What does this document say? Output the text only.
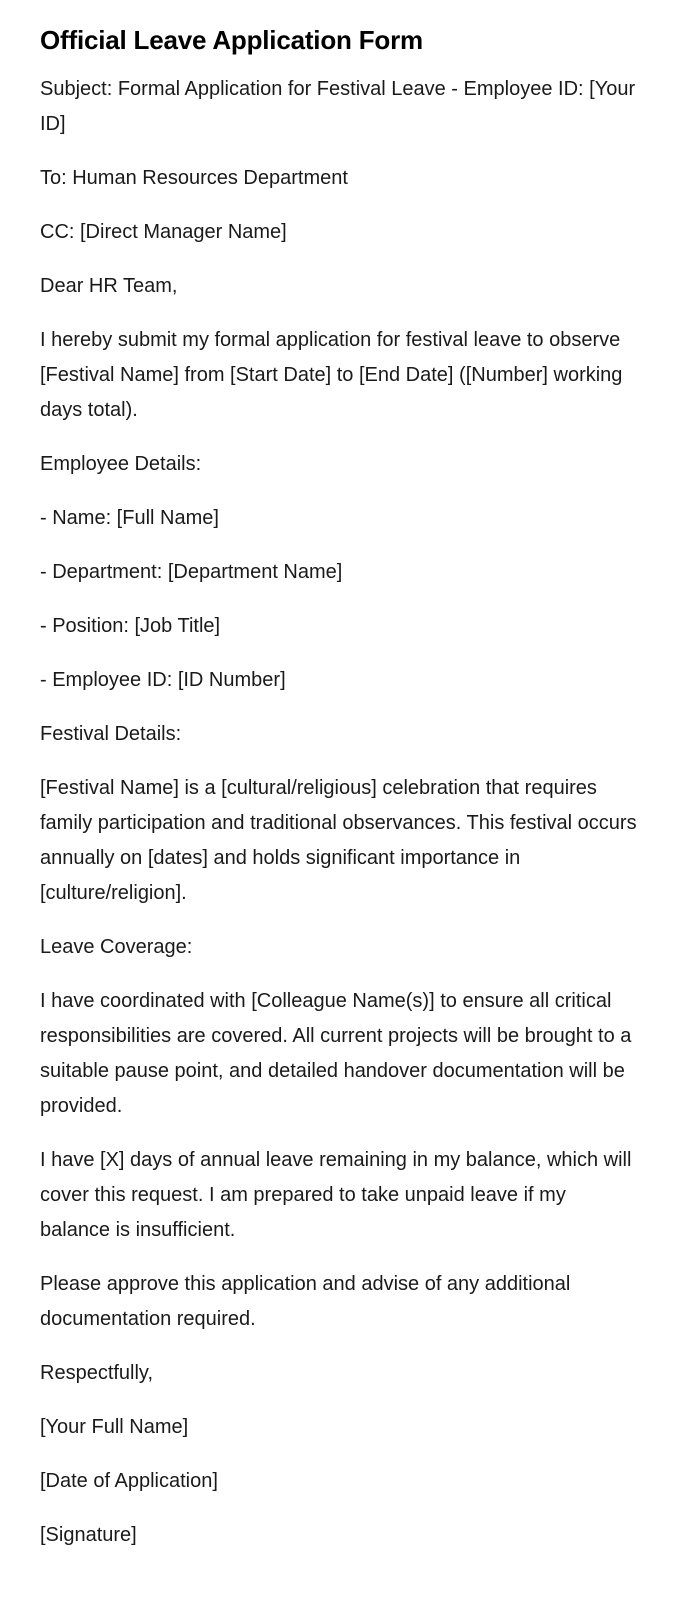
Official Leave Application Form

Subject: Formal Application for Festival Leave - Employee ID: [Your ID]

To: Human Resources Department

CC: [Direct Manager Name]

Dear HR Team,

I hereby submit my formal application for festival leave to observe [Festival Name] from [Start Date] to [End Date] ([Number] working days total).

Employee Details:

- Name: [Full Name]

- Department: [Department Name]

- Position: [Job Title]

- Employee ID: [ID Number]

Festival Details:

[Festival Name] is a [cultural/religious] celebration that requires family participation and traditional observances. This festival occurs annually on [dates] and holds significant importance in [culture/religion].

Leave Coverage:

I have coordinated with [Colleague Name(s)] to ensure all critical responsibilities are covered. All current projects will be brought to a suitable pause point, and detailed handover documentation will be provided.

I have [X] days of annual leave remaining in my balance, which will cover this request. I am prepared to take unpaid leave if my balance is insufficient.

Please approve this application and advise of any additional documentation required.

Respectfully,

[Your Full Name]

[Date of Application]

[Signature]
